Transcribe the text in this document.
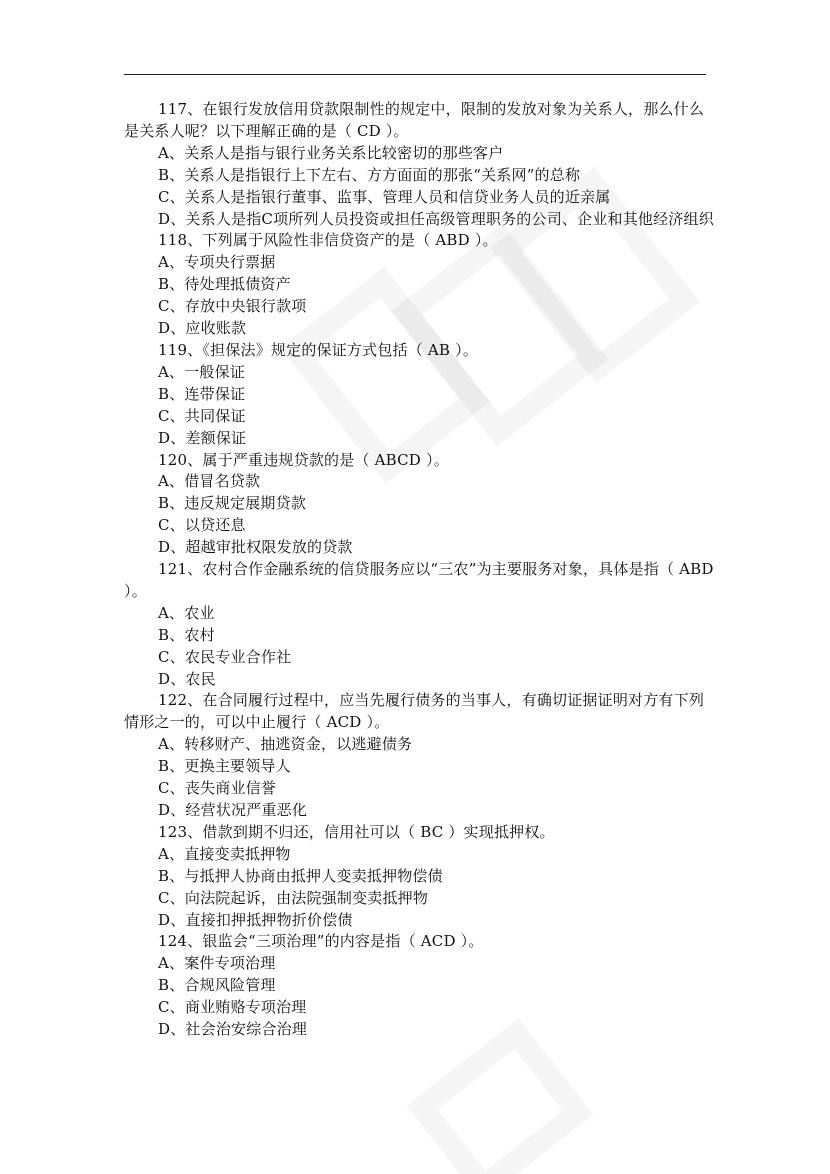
117、在银行发放信用贷款限制性的规定中，限制的发放对象为关系人，那么什么是关系人呢？以下理解正确的是（ CD ）。

A、关系人是指与银行业务关系比较密切的那些客户

B、关系人是指银行上下左右、方方面面的那张“关系网”的总称

C、关系人是指银行董事、监事、管理人员和信贷业务人员的近亲属

D、关系人是指C项所列人员投资或担任高级管理职务的公司、企业和其他经济组织

118、下列属于风险性非信贷资产的是（ ABD ）。

A、专项央行票据

B、待处理抵债资产

C、存放中央银行款项

D、应收账款

119、《担保法》规定的保证方式包括（ AB ）。

A、一般保证

B、连带保证

C、共同保证

D、差额保证

120、属于严重违规贷款的是（ ABCD ）。

A、借冒名贷款

B、违反规定展期贷款

C、以贷还息

D、超越审批权限发放的贷款

121、农村合作金融系统的信贷服务应以“三农”为主要服务对象，具体是指（ ABD ）。

A、农业

B、农村

C、农民专业合作社

D、农民

122、在合同履行过程中，应当先履行债务的当事人，有确切证据证明对方有下列情形之一的，可以中止履行（ ACD ）。

A、转移财产、抽逃资金，以逃避债务

B、更换主要领导人

C、丧失商业信誉

D、经营状况严重恶化

123、借款到期不归还，信用社可以（ BC ）实现抵押权。

A、直接变卖抵押物

B、与抵押人协商由抵押人变卖抵押物偿债

C、向法院起诉，由法院强制变卖抵押物

D、直接扣押抵押物折价偿债

124、银监会“三项治理”的内容是指（ ACD ）。

A、案件专项治理

B、合规风险管理

C、商业贿赂专项治理

D、社会治安综合治理
